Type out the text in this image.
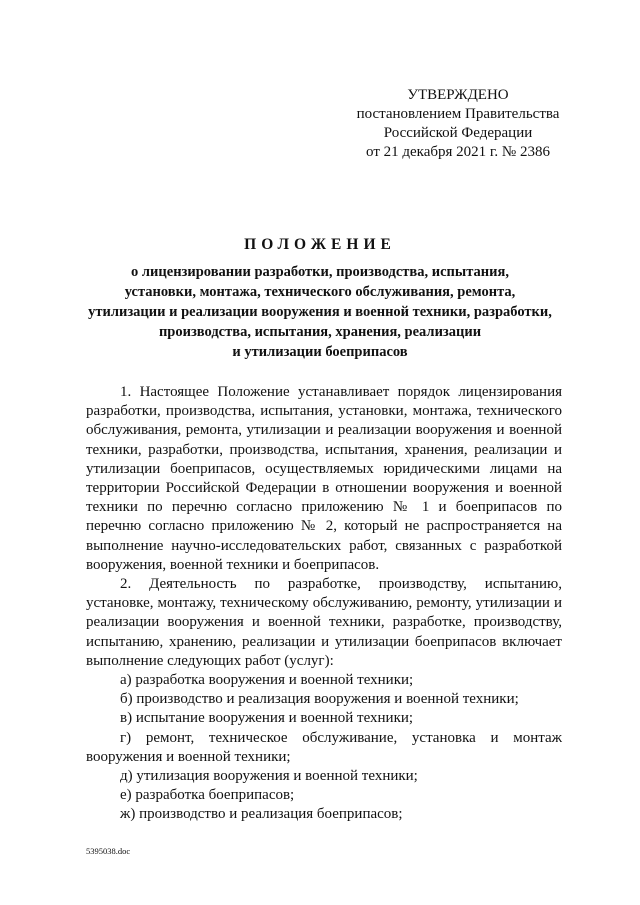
УТВЕРЖДЕНО
постановлением Правительства
Российской Федерации
от 21 декабря 2021 г. № 2386
ПОЛОЖЕНИЕ
о лицензировании разработки, производства, испытания,
установки, монтажа, технического обслуживания, ремонта,
утилизации и реализации вооружения и военной техники, разработки,
производства, испытания, хранения, реализации
и утилизации боеприпасов

1. Настоящее Положение устанавливает порядок лицензирования разработки, производства, испытания, установки, монтажа, технического обслуживания, ремонта, утилизации и реализации вооружения и военной техники, разработки, производства, испытания, хранения, реализации и утилизации боеприпасов, осуществляемых юридическими лицами на территории Российской Федерации в отношении вооружения и военной техники по перечню согласно приложению № 1 и боеприпасов по перечню согласно приложению № 2, который не распространяется на выполнение научно-исследовательских работ, связанных с разработкой вооружения, военной техники и боеприпасов.

2. Деятельность по разработке, производству, испытанию, установке, монтажу, техническому обслуживанию, ремонту, утилизации и реализации вооружения и военной техники, разработке, производству, испытанию, хранению, реализации и утилизации боеприпасов включает выполнение следующих работ (услуг):

а) разработка вооружения и военной техники;

б) производство и реализация вооружения и военной техники;

в) испытание вооружения и военной техники;

г) ремонт, техническое обслуживание, установка и монтаж вооружения и военной техники;

д) утилизация вооружения и военной техники;

е) разработка боеприпасов;

ж) производство и реализация боеприпасов;

5395038.doc
